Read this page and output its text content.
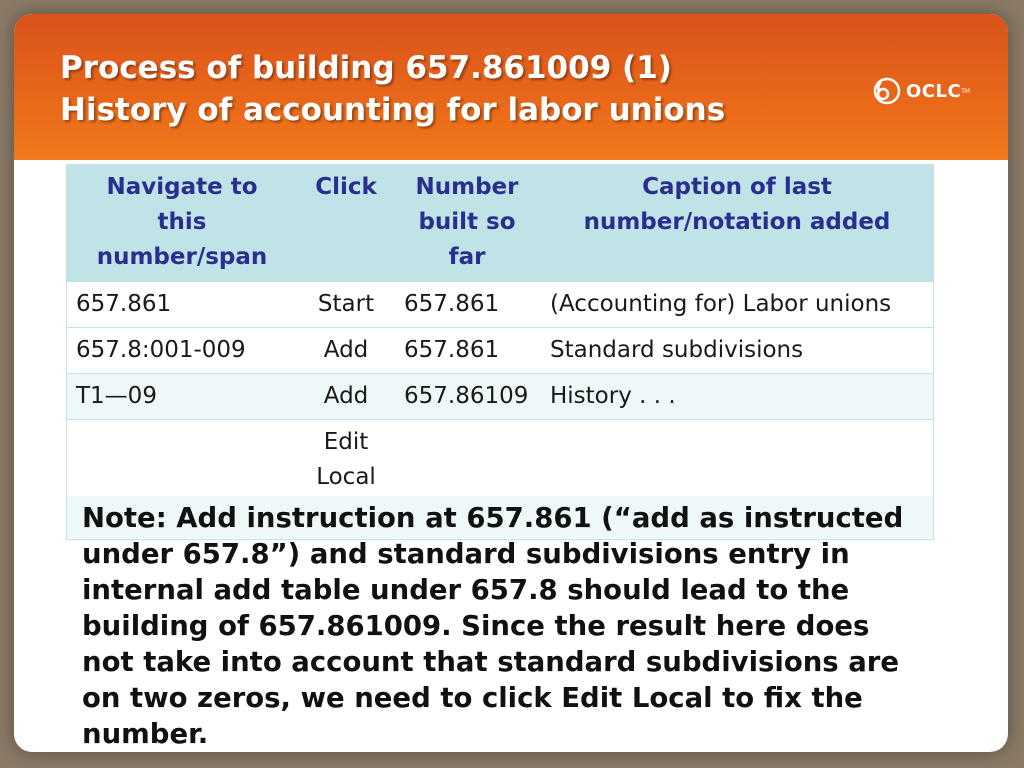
Process of building 657.861009 (1)
History of accounting for labor unions
OCLC TM
Navigate to this number/span	Click	Number built so far	Caption of last number/notation added
657.861	Start	657.861	(Accounting for) Labor unions
657.8:001-009	Add	657.861	Standard subdivisions
T1—09	Add	657.86109	History . . .
	Edit Local		
Note: Add instruction at 657.861 (“add as instructed under 657.8”) and standard subdivisions entry in internal add table under 657.8 should lead to the building of 657.861009. Since the result here does not take into account that standard subdivisions are on two zeros, we need to click Edit Local to fix the number.
